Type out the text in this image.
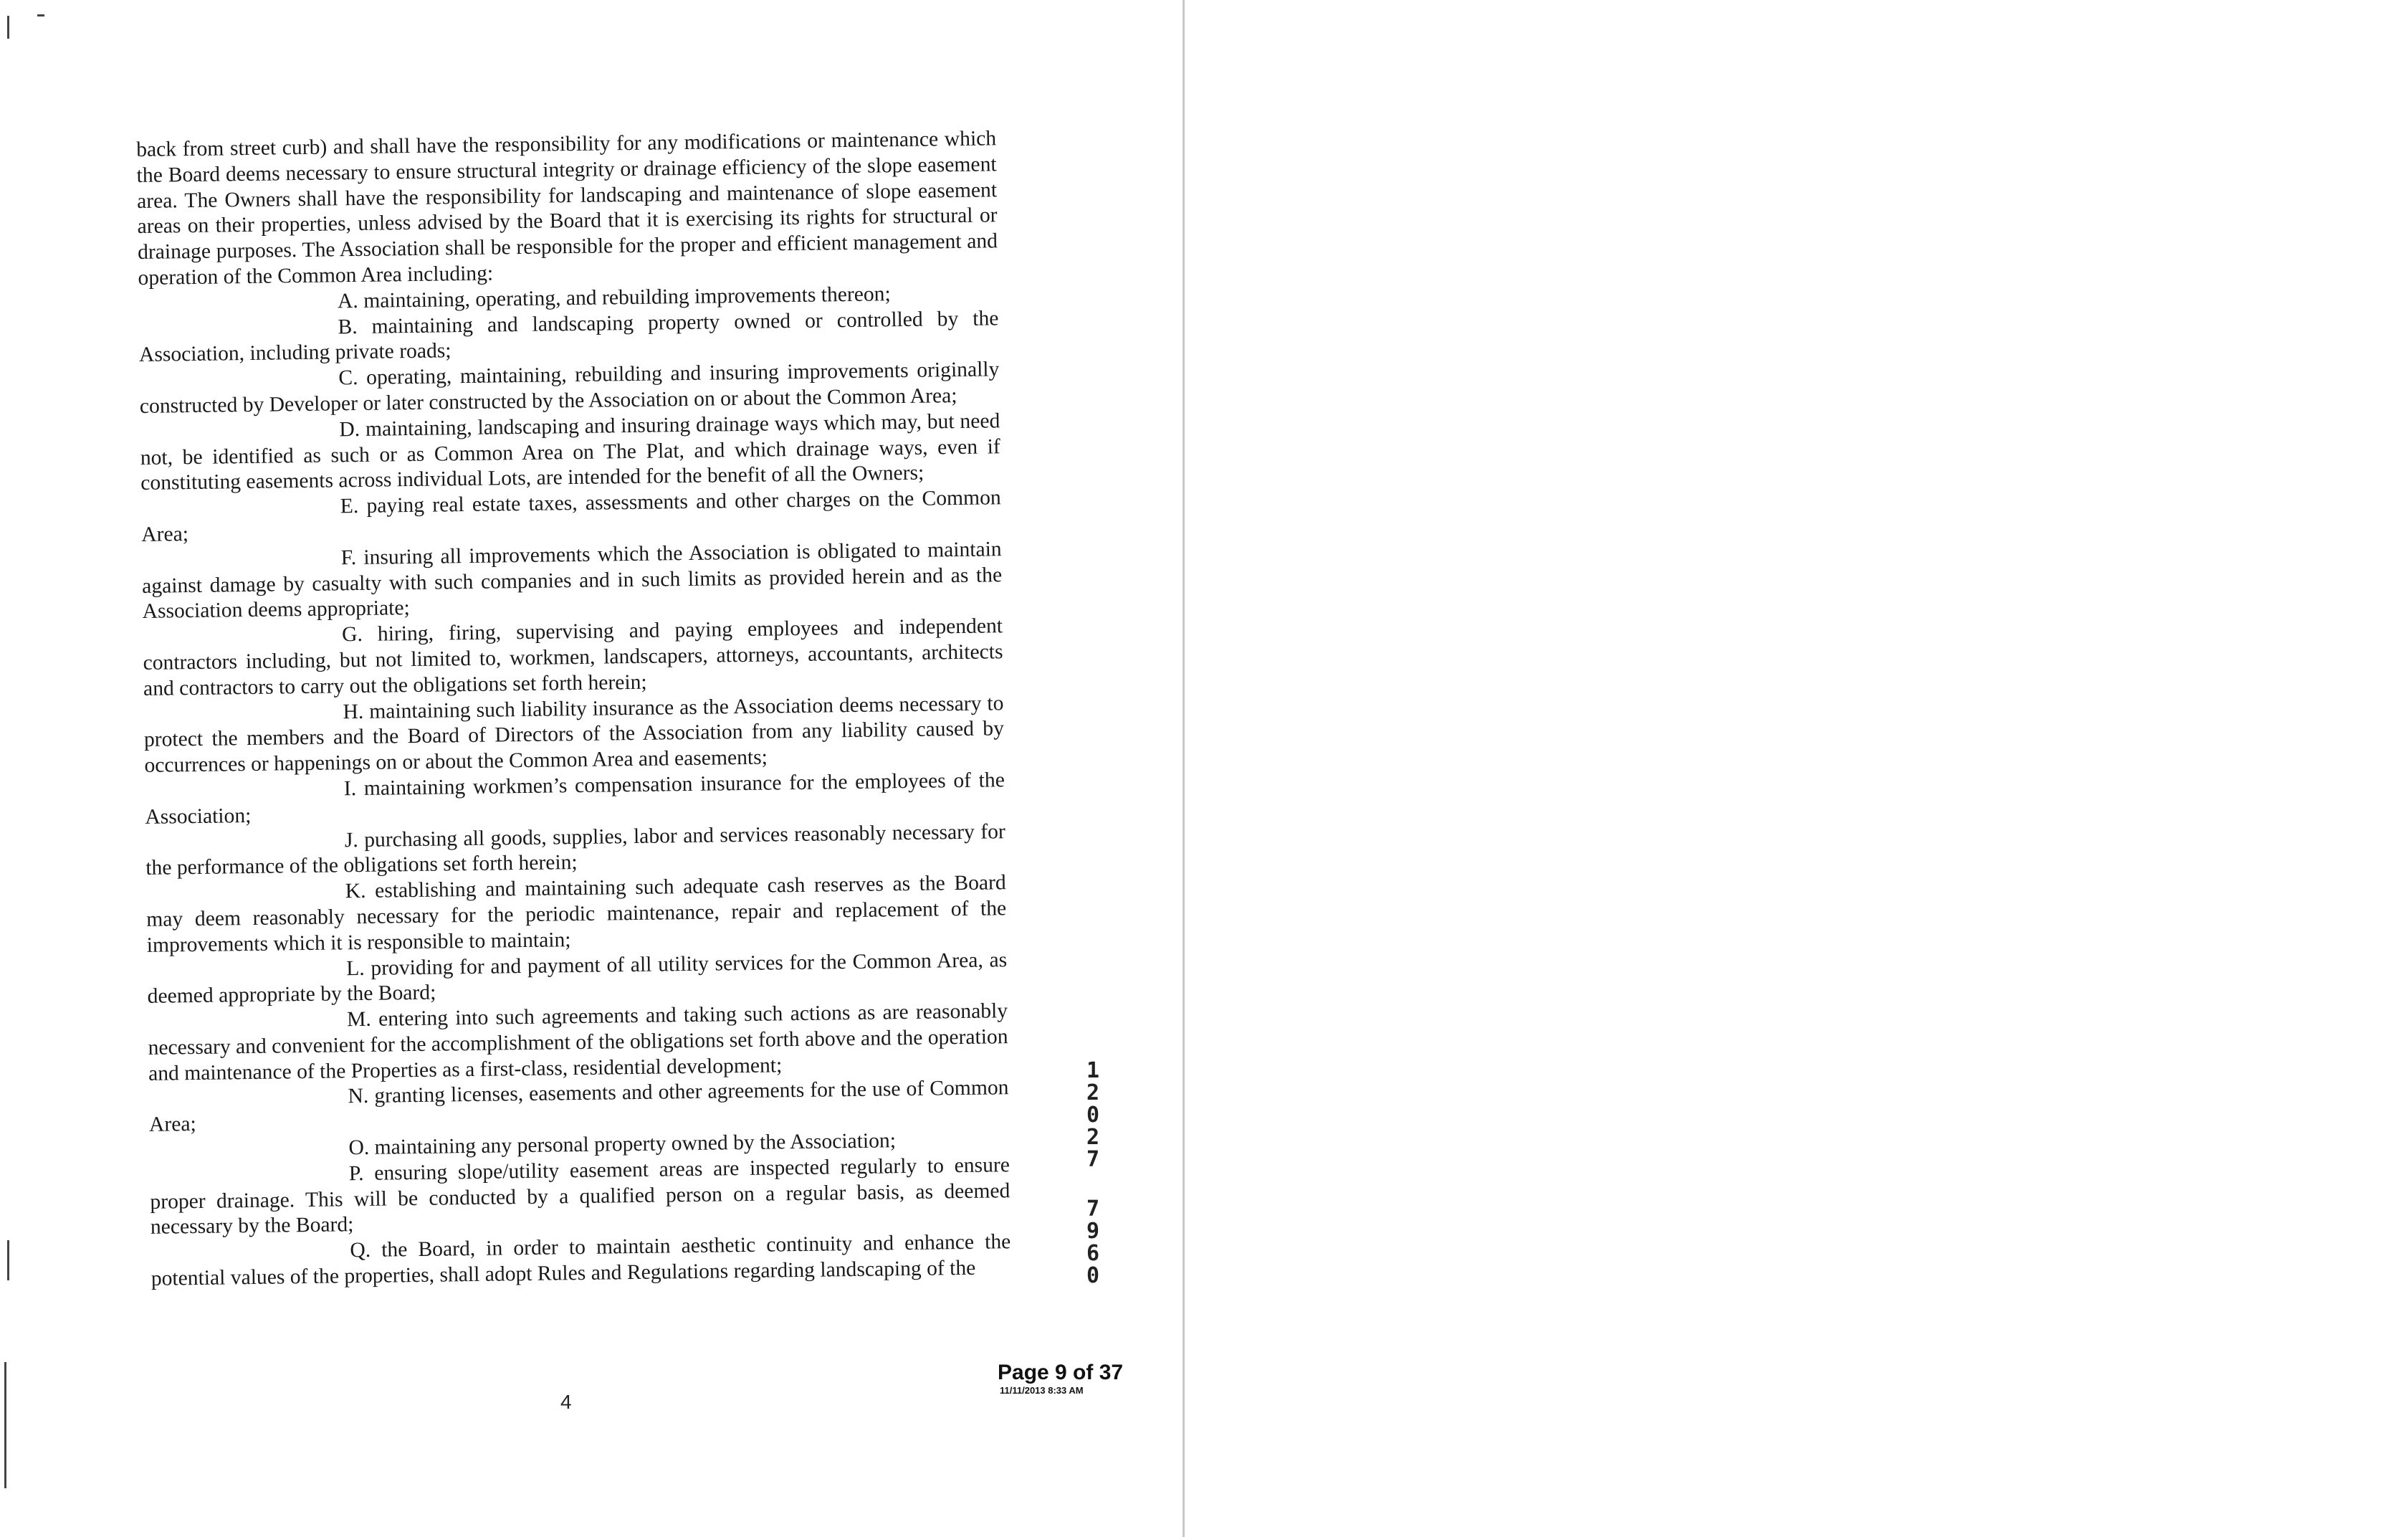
back from street curb) and shall have the responsibility for any modifications or maintenance which the Board deems necessary to ensure structural integrity or drainage efficiency of the slope easement area. The Owners shall have the responsibility for landscaping and maintenance of slope easement areas on their properties, unless advised by the Board that it is exercising its rights for structural or drainage purposes. The Association shall be responsible for the proper and efficient management and operation of the Common Area including:

A. maintaining, operating, and rebuilding improvements thereon;

B. maintaining and landscaping property owned or controlled by the Association, including private roads;

C. operating, maintaining, rebuilding and insuring improvements originally constructed by Developer or later constructed by the Association on or about the Common Area;

D. maintaining, landscaping and insuring drainage ways which may, but need not, be identified as such or as Common Area on The Plat, and which drainage ways, even if constituting easements across individual Lots, are intended for the benefit of all the Owners;

E. paying real estate taxes, assessments and other charges on the Common Area;

F. insuring all improvements which the Association is obligated to maintain against damage by casualty with such companies and in such limits as provided herein and as the Association deems appropriate;

G. hiring, firing, supervising and paying employees and independent contractors including, but not limited to, workmen, landscapers, attorneys, accountants, architects and contractors to carry out the obligations set forth herein;

H. maintaining such liability insurance as the Association deems necessary to protect the members and the Board of Directors of the Association from any liability caused by occurrences or happenings on or about the Common Area and easements;

I. maintaining workmen’s compensation insurance for the employees of the Association;

J. purchasing all goods, supplies, labor and services reasonably necessary for the performance of the obligations set forth herein;

K. establishing and maintaining such adequate cash reserves as the Board may deem reasonably necessary for the periodic maintenance, repair and replacement of the improvements which it is responsible to maintain;

L. providing for and payment of all utility services for the Common Area, as deemed appropriate by the Board;

M. entering into such agreements and taking such actions as are reasonably necessary and convenient for the accomplishment of the obligations set forth above and the operation and maintenance of the Properties as a first-class, residential development;

N. granting licenses, easements and other agreements for the use of Common Area;

O. maintaining any personal property owned by the Association;

P. ensuring slope/utility easement areas are inspected regularly to ensure proper drainage. This will be conducted by a qualified person on a regular basis, as deemed necessary by the Board;

Q. the Board, in order to maintain aesthetic continuity and enhance the potential values of the properties, shall adopt Rules and Regulations regarding landscaping of the

1
2
0
2
7
7
9
6
0
Page 9 of 37
11/11/2013 8:33 AM
4
